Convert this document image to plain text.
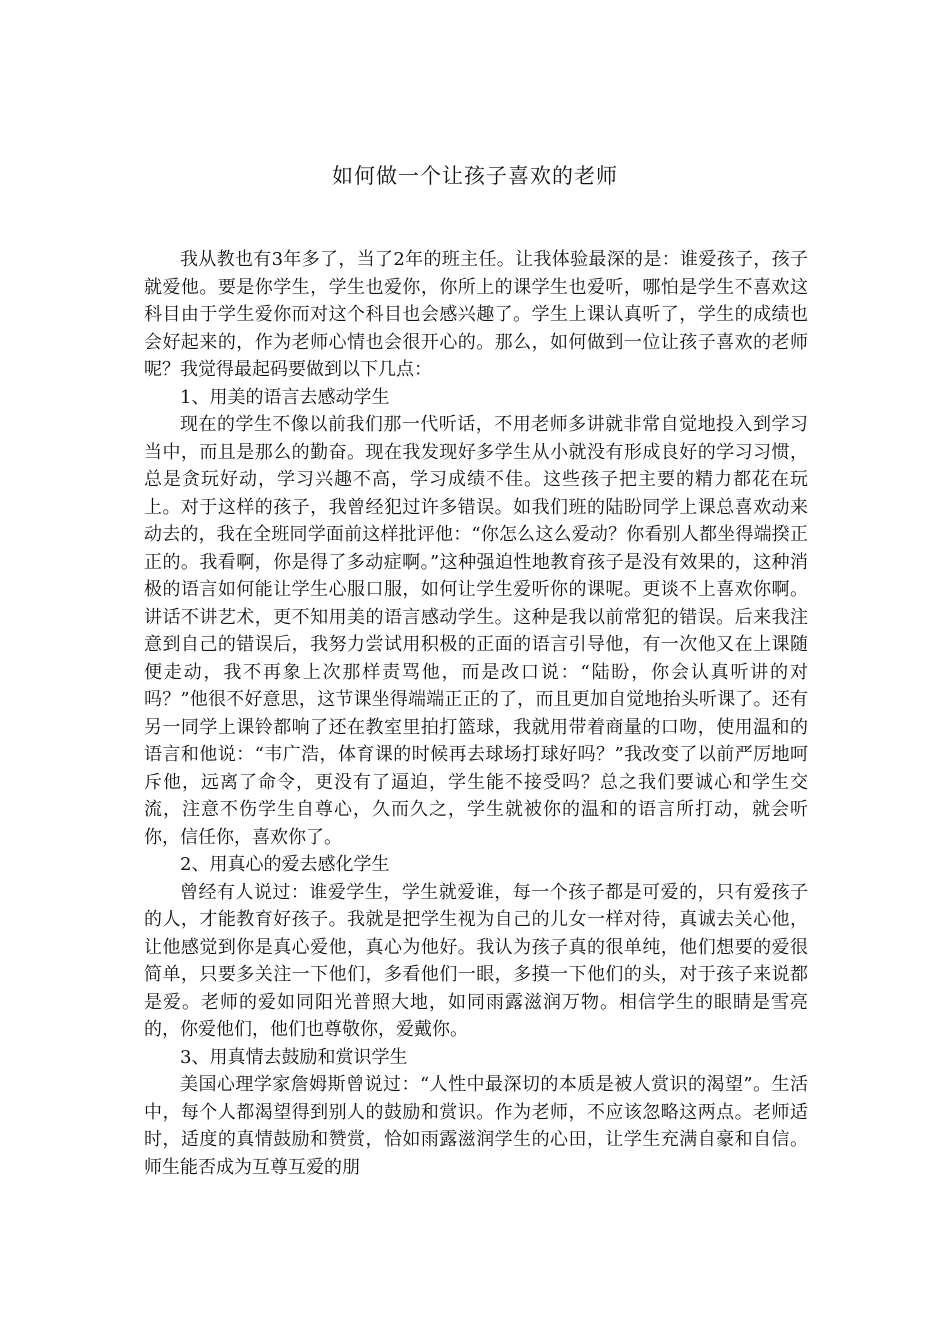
如何做一个让孩子喜欢的老师

我从教也有3年多了，当了2年的班主任。让我体验最深的是：谁爱孩子，孩子就爱他。要是你学生，学生也爱你，你所上的课学生也爱听，哪怕是学生不喜欢这科目由于学生爱你而对这个科目也会感兴趣了。学生上课认真听了，学生的成绩也会好起来的，作为老师心情也会很开心的。那么，如何做到一位让孩子喜欢的老师呢？我觉得最起码要做到以下几点：

1、用美的语言去感动学生

现在的学生不像以前我们那一代听话，不用老师多讲就非常自觉地投入到学习当中，而且是那么的勤奋。现在我发现好多学生从小就没有形成良好的学习习惯，总是贪玩好动，学习兴趣不高，学习成绩不佳。这些孩子把主要的精力都花在玩上。对于这样的孩子，我曾经犯过许多错误。如我们班的陆盼同学上课总喜欢动来动去的，我在全班同学面前这样批评他：“你怎么这么爱动？你看别人都坐得端揆正正的。我看啊，你是得了多动症啊。”这种强迫性地教育孩子是没有效果的，这种消极的语言如何能让学生心服口服，如何让学生爱听你的课呢。更谈不上喜欢你啊。讲话不讲艺术，更不知用美的语言感动学生。这种是我以前常犯的错误。后来我注意到自己的错误后，我努力尝试用积极的正面的语言引导他，有一次他又在上课随便走动，我不再象上次那样责骂他，而是改口说：“陆盼，你会认真听讲的对吗？”他很不好意思，这节课坐得端端正正的了，而且更加自觉地抬头听课了。还有另一同学上课铃都响了还在教室里拍打篮球，我就用带着商量的口吻，使用温和的语言和他说：“韦广浩，体育课的时候再去球场打球好吗？”我改变了以前严厉地呵斥他，远离了命令，更没有了逼迫，学生能不接受吗？总之我们要诚心和学生交流，注意不伤学生自尊心，久而久之，学生就被你的温和的语言所打动，就会听你，信任你，喜欢你了。

2、用真心的爱去感化学生

曾经有人说过：谁爱学生，学生就爱谁，每一个孩子都是可爱的，只有爱孩子的人，才能教育好孩子。我就是把学生视为自己的儿女一样对待，真诚去关心他，让他感觉到你是真心爱他，真心为他好。我认为孩子真的很单纯，他们想要的爱很简单，只要多关注一下他们，多看他们一眼，多摸一下他们的头，对于孩子来说都是爱。老师的爱如同阳光普照大地，如同雨露滋润万物。相信学生的眼睛是雪亮的，你爱他们，他们也尊敬你，爱戴你。

3、用真情去鼓励和赏识学生

美国心理学家詹姆斯曾说过：“人性中最深切的本质是被人赏识的渴望”。生活中，每个人都渴望得到别人的鼓励和赏识。作为老师，不应该忽略这两点。老师适时，适度的真情鼓励和赞赏，恰如雨露滋润学生的心田，让学生充满自豪和自信。师生能否成为互尊互爱的朋
